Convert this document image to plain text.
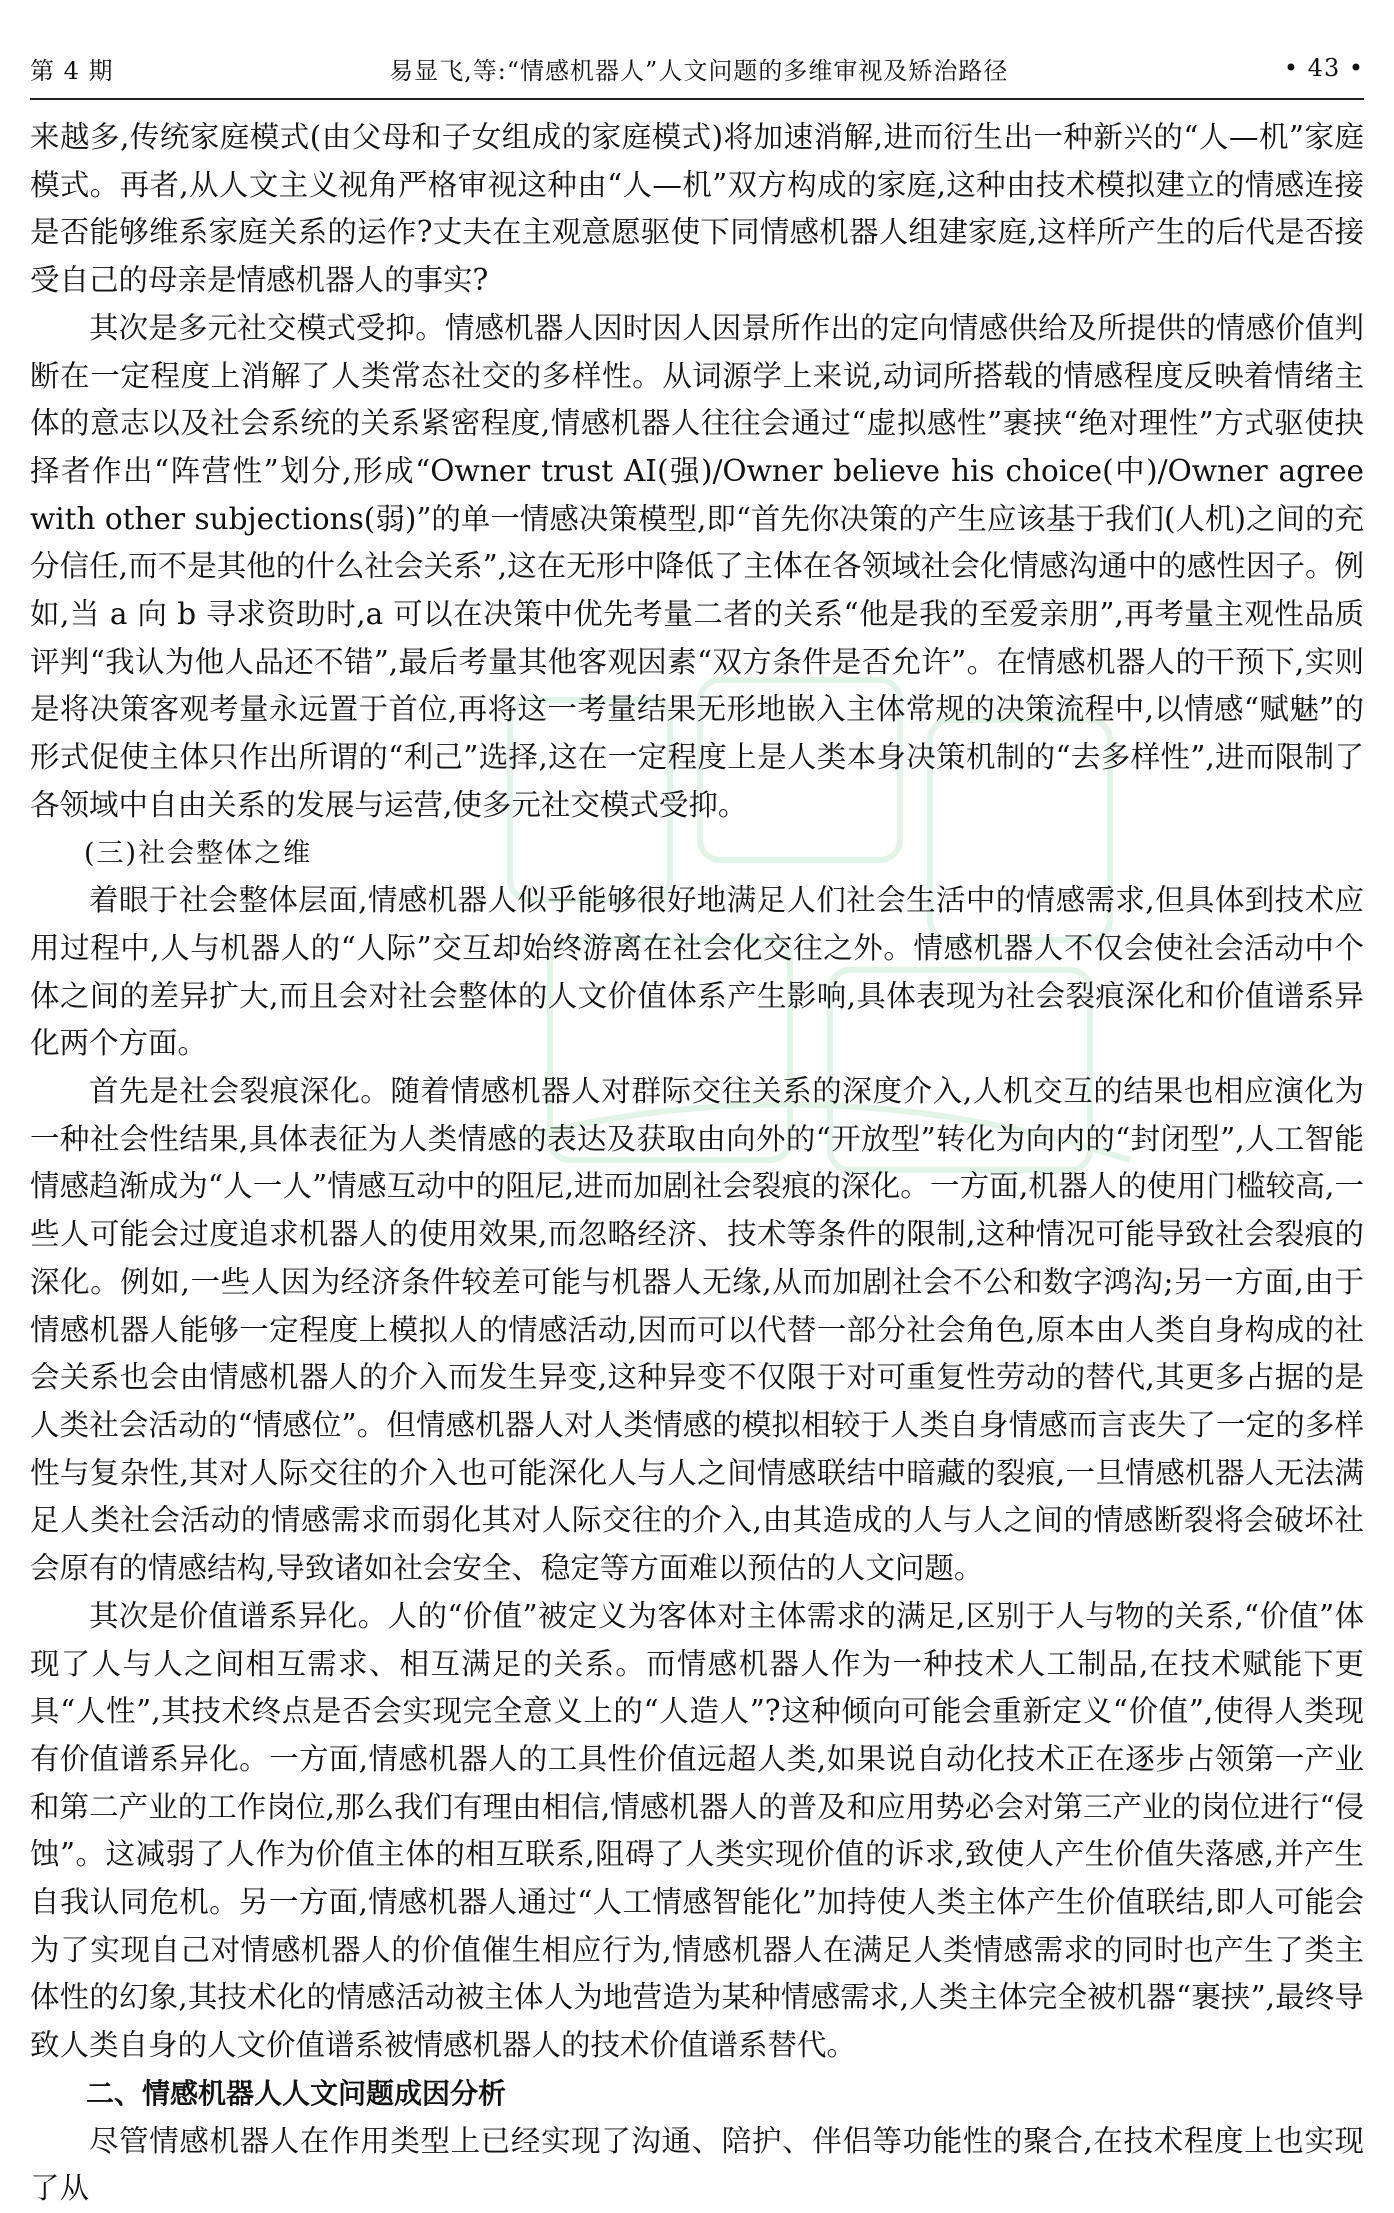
第 4 期	易显飞,等:“情感机器人”人文问题的多维审视及矫治路径	• 43 •

来越多,传统家庭模式(由父母和子女组成的家庭模式)将加速消解,进而衍生出一种新兴的“人—机”家庭模式。再者,从人文主义视角严格审视这种由“人—机”双方构成的家庭,这种由技术模拟建立的情感连接是否能够维系家庭关系的运作?丈夫在主观意愿驱使下同情感机器人组建家庭,这样所产生的后代是否接受自己的母亲是情感机器人的事实?

其次是多元社交模式受抑。情感机器人因时因人因景所作出的定向情感供给及所提供的情感价值判断在一定程度上消解了人类常态社交的多样性。从词源学上来说,动词所搭载的情感程度反映着情绪主体的意志以及社会系统的关系紧密程度,情感机器人往往会通过“虚拟感性”裹挟“绝对理性”方式驱使抉择者作出“阵营性”划分,形成“Owner trust AI(强)/Owner believe his choice(中)/Owner agree with other subjections(弱)”的单一情感决策模型,即“首先你决策的产生应该基于我们(人机)之间的充分信任,而不是其他的什么社会关系”,这在无形中降低了主体在各领域社会化情感沟通中的感性因子。例如,当 a 向 b 寻求资助时,a 可以在决策中优先考量二者的关系“他是我的至爱亲朋”,再考量主观性品质评判“我认为他人品还不错”,最后考量其他客观因素“双方条件是否允许”。在情感机器人的干预下,实则是将决策客观考量永远置于首位,再将这一考量结果无形地嵌入主体常规的决策流程中,以情感“赋魅”的形式促使主体只作出所谓的“利己”选择,这在一定程度上是人类本身决策机制的“去多样性”,进而限制了各领域中自由关系的发展与运营,使多元社交模式受抑。

(三)社会整体之维

着眼于社会整体层面,情感机器人似乎能够很好地满足人们社会生活中的情感需求,但具体到技术应用过程中,人与机器人的“人际”交互却始终游离在社会化交往之外。情感机器人不仅会使社会活动中个体之间的差异扩大,而且会对社会整体的人文价值体系产生影响,具体表现为社会裂痕深化和价值谱系异化两个方面。

首先是社会裂痕深化。随着情感机器人对群际交往关系的深度介入,人机交互的结果也相应演化为一种社会性结果,具体表征为人类情感的表达及获取由向外的“开放型”转化为向内的“封闭型”,人工智能情感趋渐成为“人一人”情感互动中的阻尼,进而加剧社会裂痕的深化。一方面,机器人的使用门槛较高,一些人可能会过度追求机器人的使用效果,而忽略经济、技术等条件的限制,这种情况可能导致社会裂痕的深化。例如,一些人因为经济条件较差可能与机器人无缘,从而加剧社会不公和数字鸿沟;另一方面,由于情感机器人能够一定程度上模拟人的情感活动,因而可以代替一部分社会角色,原本由人类自身构成的社会关系也会由情感机器人的介入而发生异变,这种异变不仅限于对可重复性劳动的替代,其更多占据的是人类社会活动的“情感位”。但情感机器人对人类情感的模拟相较于人类自身情感而言丧失了一定的多样性与复杂性,其对人际交往的介入也可能深化人与人之间情感联结中暗藏的裂痕,一旦情感机器人无法满足人类社会活动的情感需求而弱化其对人际交往的介入,由其造成的人与人之间的情感断裂将会破坏社会原有的情感结构,导致诸如社会安全、稳定等方面难以预估的人文问题。

其次是价值谱系异化。人的“价值”被定义为客体对主体需求的满足,区别于人与物的关系,“价值”体现了人与人之间相互需求、相互满足的关系。而情感机器人作为一种技术人工制品,在技术赋能下更具“人性”,其技术终点是否会实现完全意义上的“人造人”?这种倾向可能会重新定义“价值”,使得人类现有价值谱系异化。一方面,情感机器人的工具性价值远超人类,如果说自动化技术正在逐步占领第一产业和第二产业的工作岗位,那么我们有理由相信,情感机器人的普及和应用势必会对第三产业的岗位进行“侵蚀”。这减弱了人作为价值主体的相互联系,阻碍了人类实现价值的诉求,致使人产生价值失落感,并产生自我认同危机。另一方面,情感机器人通过“人工情感智能化”加持使人类主体产生价值联结,即人可能会为了实现自己对情感机器人的价值催生相应行为,情感机器人在满足人类情感需求的同时也产生了类主体性的幻象,其技术化的情感活动被主体人为地营造为某种情感需求,人类主体完全被机器“裹挟”,最终导致人类自身的人文价值谱系被情感机器人的技术价值谱系替代。

二、情感机器人人文问题成因分析

尽管情感机器人在作用类型上已经实现了沟通、陪护、伴侣等功能性的聚合,在技术程度上也实现了从
